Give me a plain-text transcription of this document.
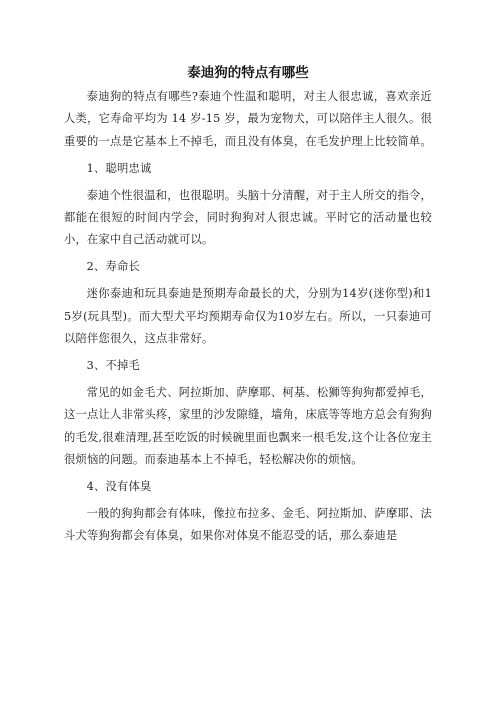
泰迪狗的特点有哪些

泰迪狗的特点有哪些?泰迪个性温和聪明，对主人很忠诚，喜欢亲近人类，它寿命平均为 14 岁-15 岁，最为宠物犬，可以陪伴主人很久。很重要的一点是它基本上不掉毛，而且没有体臭，在毛发护理上比较简单。

1、聪明忠诚

泰迪个性很温和，也很聪明。头脑十分清醒，对于主人所交的指令，都能在很短的时间内学会，同时狗狗对人很忠诚。平时它的活动量也较小，在家中自己活动就可以。

2、寿命长

迷你泰迪和玩具泰迪是预期寿命最长的犬，分别为14岁(迷你型)和15岁(玩具型)。而大型犬平均预期寿命仅为10岁左右。所以，一只泰迪可以陪伴您很久，这点非常好。

3、不掉毛

常见的如金毛犬、阿拉斯加、萨摩耶、柯基、松狮等狗狗都爱掉毛，这一点让人非常头疼，家里的沙发隙缝，墙角，床底等等地方总会有狗狗的毛发,很难清理,甚至吃饭的时候碗里面也飘来一根毛发,这个让各位宠主很烦恼的问题。而泰迪基本上不掉毛，轻松解决你的烦恼。

4、没有体臭

一般的狗狗都会有体味，像拉布拉多、金毛、阿拉斯加、萨摩耶、法斗犬等狗狗都会有体臭，如果你对体臭不能忍受的话，那么泰迪是
